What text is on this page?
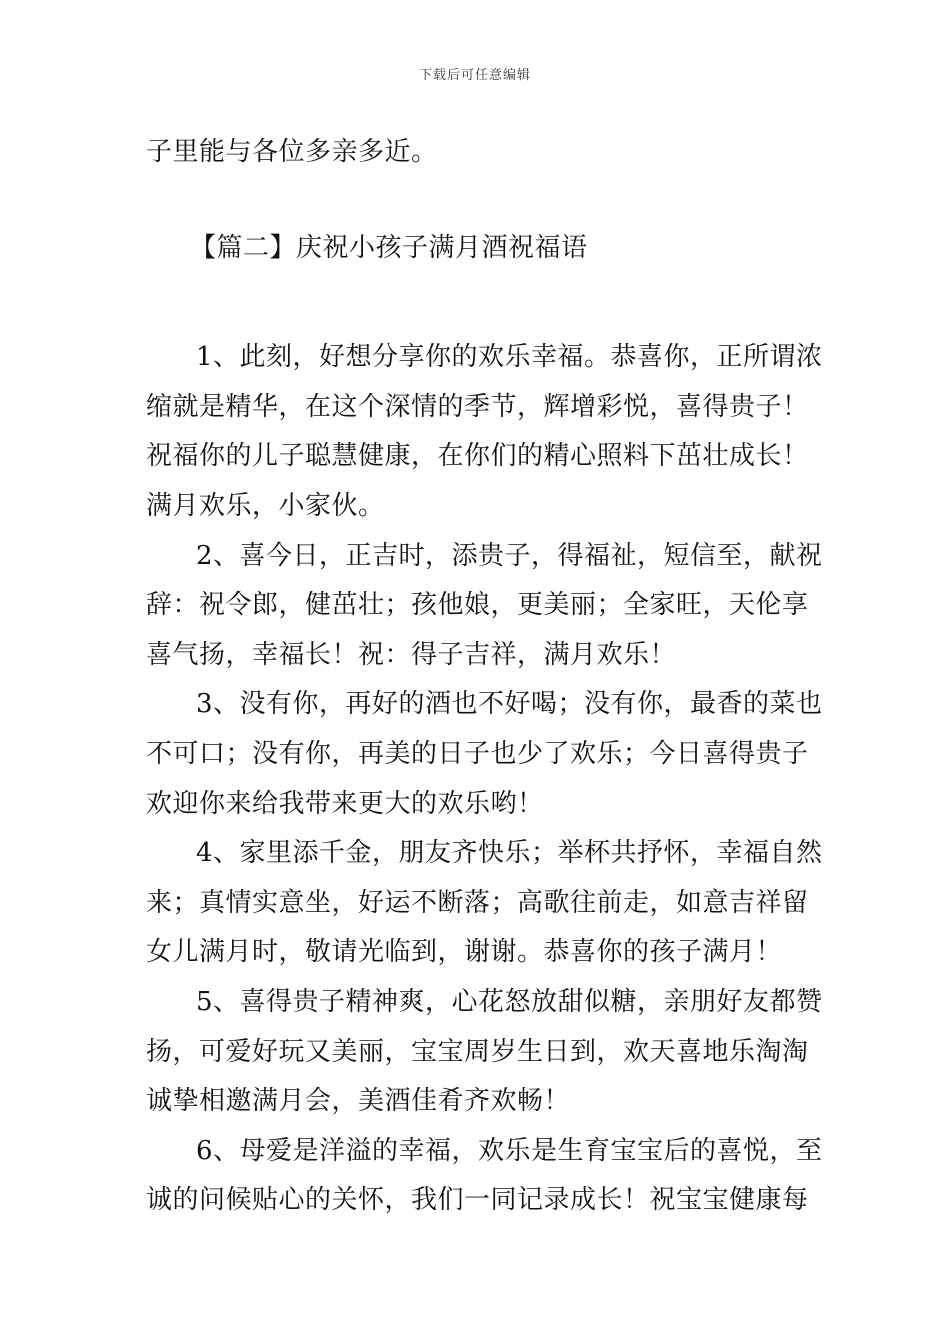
下载后可任意编辑
子里能与各位多亲多近。
【篇二】庆祝小孩子满月酒祝福语
1、此刻，好想分享你的欢乐幸福。恭喜你，正所谓浓
缩就是精华，在这个深情的季节，辉增彩悦，喜得贵子！
祝福你的儿子聪慧健康，在你们的精心照料下茁壮成长！
满月欢乐，小家伙。
2、喜今日，正吉时，添贵子，得福祉，短信至，献祝
辞：祝令郎，健茁壮；孩他娘，更美丽；全家旺，天伦享
喜气扬，幸福长！祝：得子吉祥，满月欢乐！
3、没有你，再好的酒也不好喝；没有你，最香的菜也
不可口；没有你，再美的日子也少了欢乐；今日喜得贵子
欢迎你来给我带来更大的欢乐哟！
4、家里添千金，朋友齐快乐；举杯共抒怀，幸福自然
来；真情实意坐，好运不断落；高歌往前走，如意吉祥留
女儿满月时，敬请光临到，谢谢。恭喜你的孩子满月！
5、喜得贵子精神爽，心花怒放甜似糖，亲朋好友都赞
扬，可爱好玩又美丽，宝宝周岁生日到，欢天喜地乐淘淘
诚挚相邀满月会，美酒佳肴齐欢畅！
6、母爱是洋溢的幸福，欢乐是生育宝宝后的喜悦，至
诚的问候贴心的关怀，我们一同记录成长！祝宝宝健康每
